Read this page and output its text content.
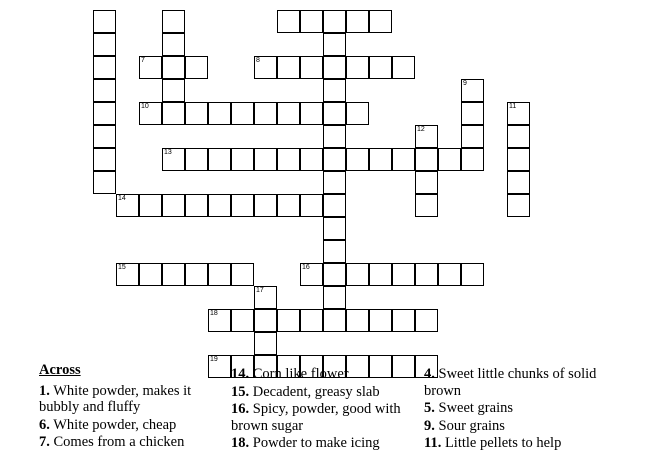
7	8
9
10	11
12
13
14
15	16
17
18
19
Across
1. White powder, makes it bubbly and fluffy
6. White powder, cheap
7. Comes from a chicken
14. Corn like flower
15. Decadent, greasy slab
16. Spicy, powder, good with brown sugar
18. Powder to make icing
4. Sweet little chunks of solid brown
5. Sweet grains
9. Sour grains
11. Little pellets to help
